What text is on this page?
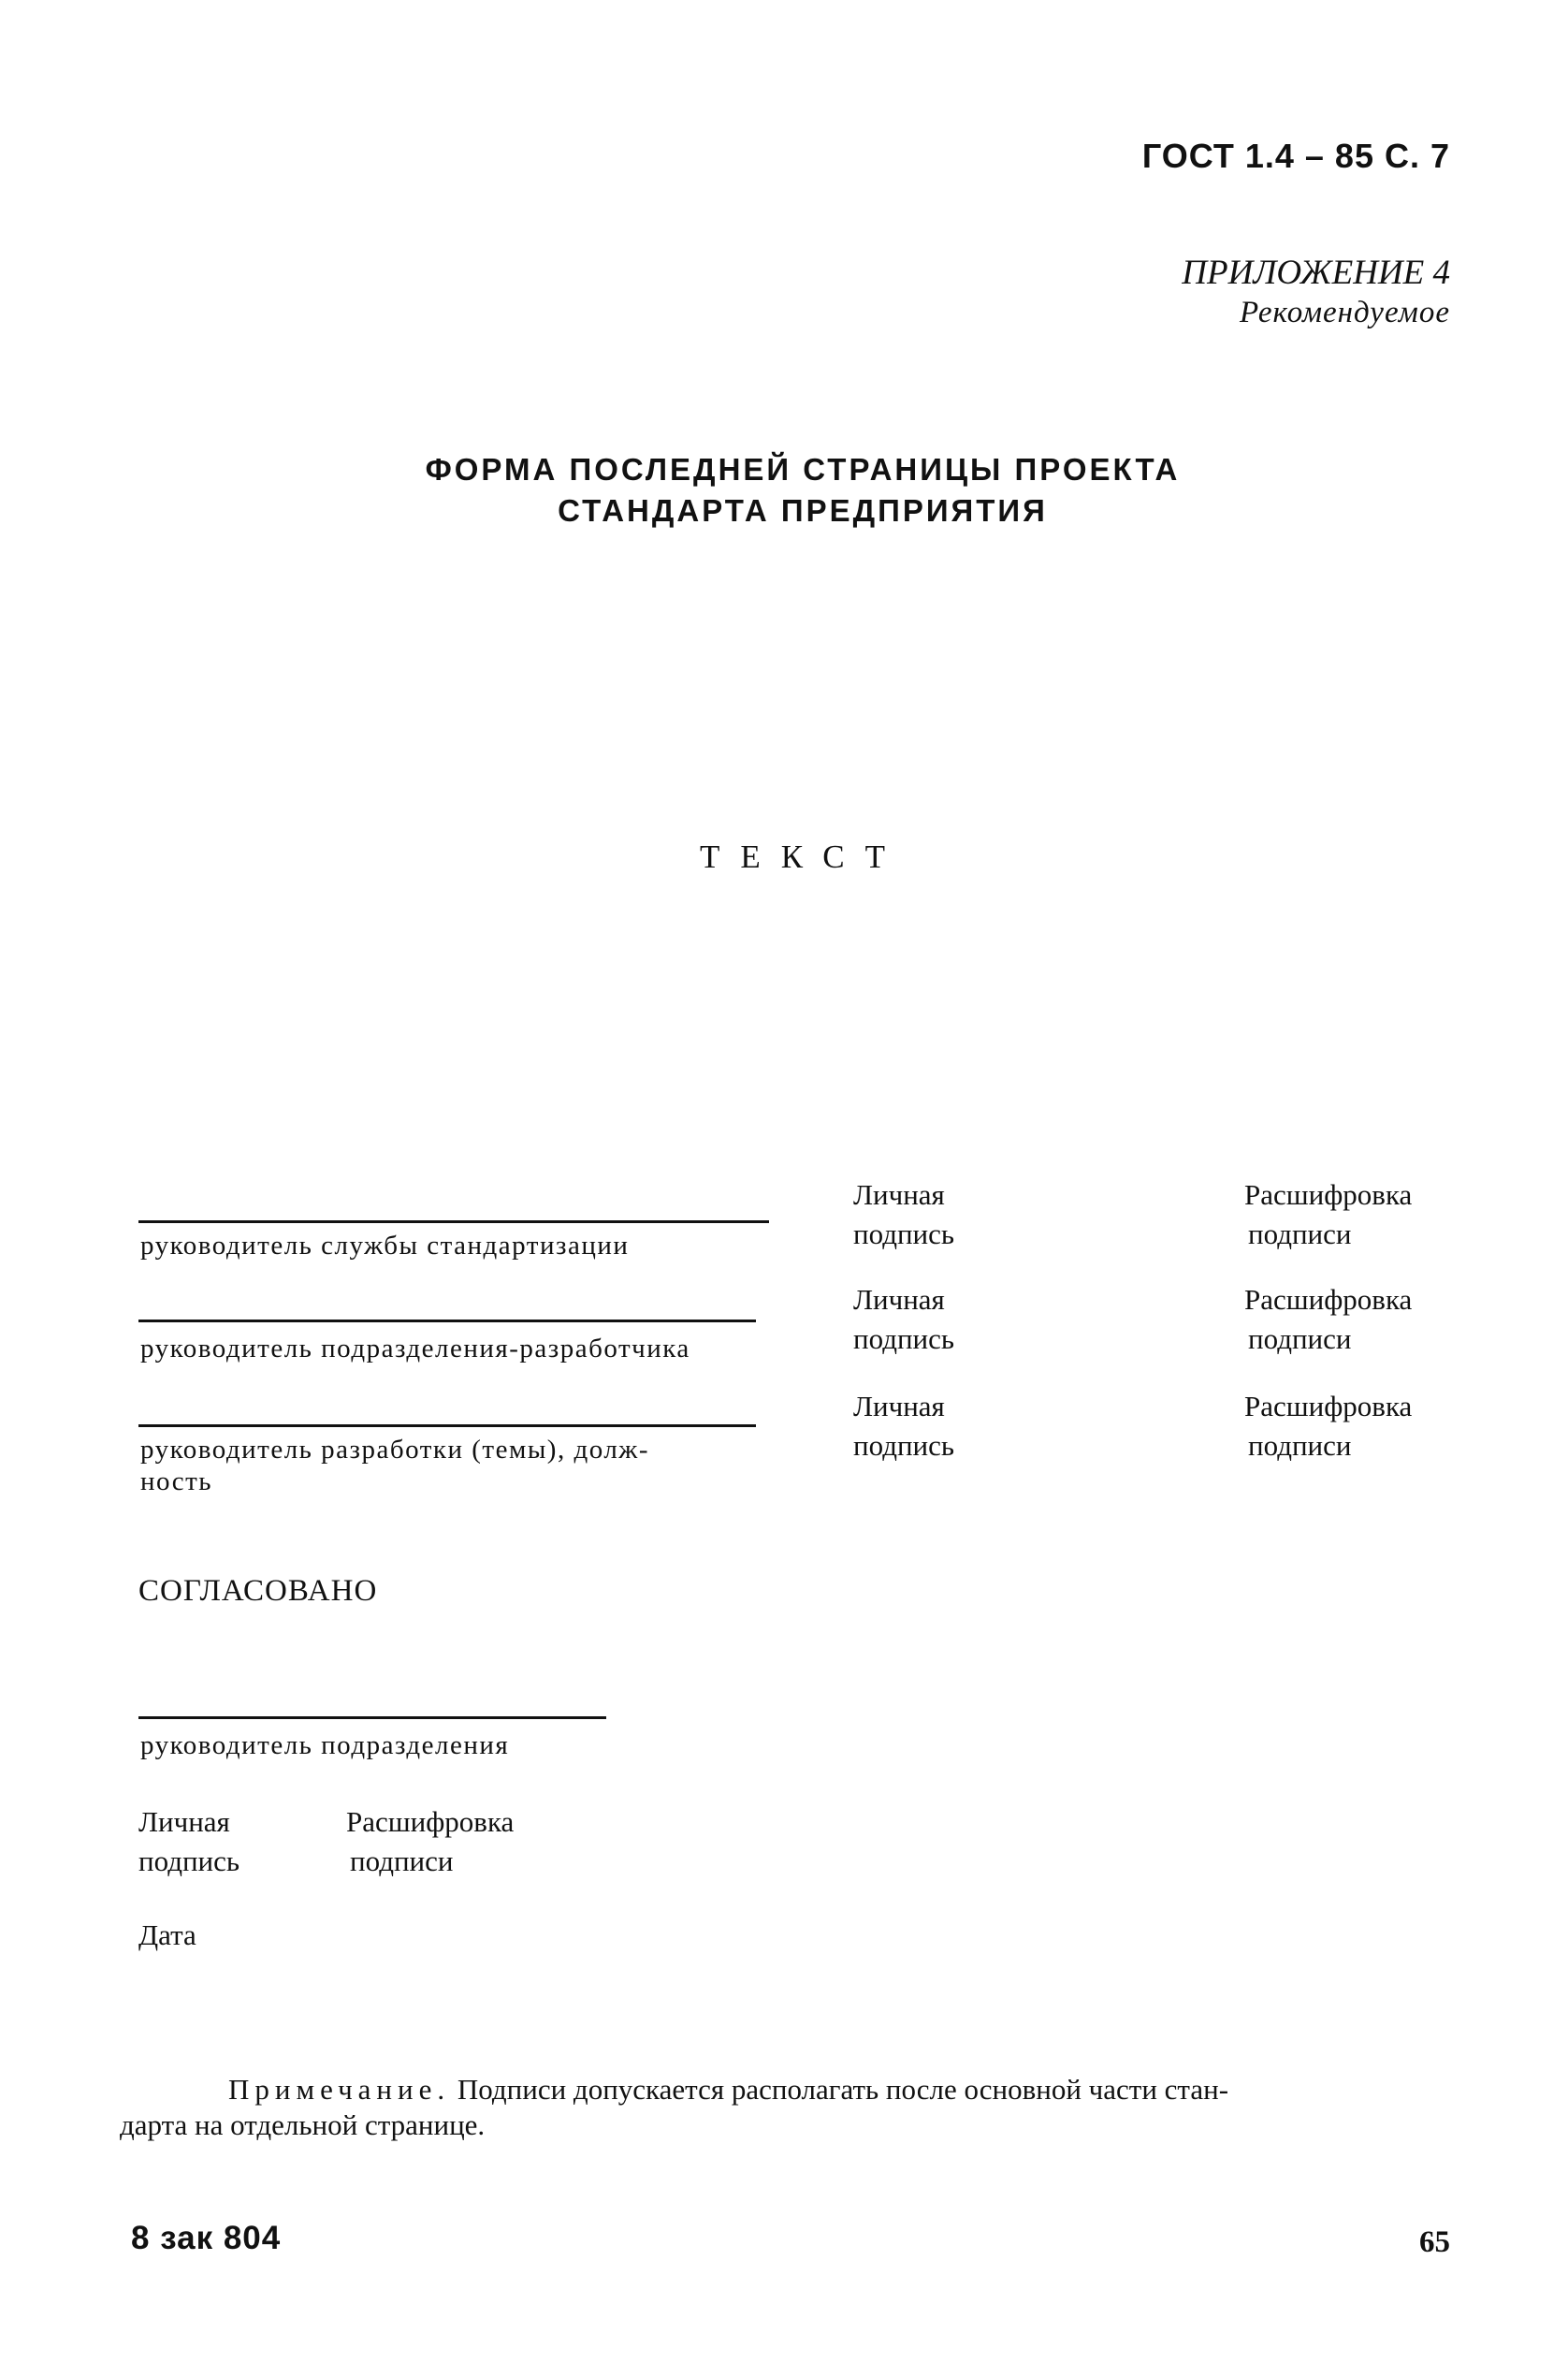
ГОСТ 1.4 – 85 С. 7
ПРИЛОЖЕНИЕ 4
Рекомендуемое
ФОРМА ПОСЛЕДНЕЙ СТРАНИЦЫ ПРОЕКТА
СТАНДАРТА ПРЕДПРИЯТИЯ
ТЕКСТ
руководитель службы стандартизации
Личная
подпись
Расшифровка
подписи
руководитель подразделения-разработчика
Личная
подпись
Расшифровка
подписи
руководитель разработки (темы), долж-
ность
Личная
подпись
Расшифровка
подписи
СОГЛАСОВАНО
руководитель подразделения
Личная
подпись
Расшифровка
подписи
Дата
Примечание. Подписи допускается располагать после основной части стан-
дарта на отдельной странице.
8 зак 804	65
